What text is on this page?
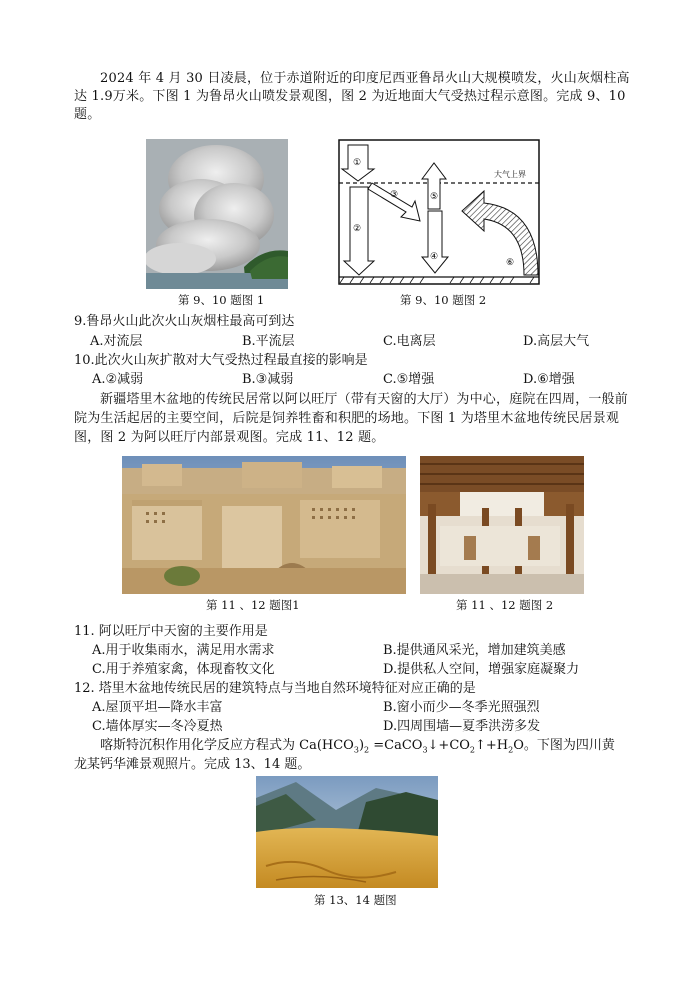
2024 年 4 月 30 日凌晨，位于赤道附近的印度尼西亚鲁昂火山大规模喷发，火山灰烟柱高达 1.9万米。下图 1 为鲁昂火山喷发景观图，图 2 为近地面大气受热过程示意图。完成 9、10 题。
第 9、10 题图 1
大气上界
①
②
③	⑤
④
⑥
第 9、10 题图 2
9.鲁昂火山此次火山灰烟柱最高可到达
A.对流层	B.平流层	C.电离层	D.高层大气
10.此次火山灰扩散对大气受热过程最直接的影响是
A.②减弱	B.③减弱	C.⑤增强	D.⑥增强
新疆塔里木盆地的传统民居常以阿以旺厅（带有天窗的大厅）为中心，庭院在四周，一般前院为生活起居的主要空间，后院是饲养牲畜和积肥的场地。下图 1 为塔里木盆地传统民居景观图，图 2 为阿以旺厅内部景观图。完成 11、12 题。
第 11 、12 题图1	第 11 、12 题图 2
11. 阿以旺厅中天窗的主要作用是
A.用于收集雨水，满足用水需求	B.提供通风采光，增加建筑美感
C.用于养殖家禽，体现畜牧文化	D.提供私人空间，增强家庭凝聚力
12. 塔里木盆地传统民居的建筑特点与当地自然环境特征对应正确的是
A.屋顶平坦—降水丰富	B.窗小而少—冬季光照强烈
C.墙体厚实—冬冷夏热	D.四周围墙—夏季洪涝多发
喀斯特沉积作用化学反应方程式为 $Ca(HCO_3)_2$ $=CaCO_3↓+CO_2↑+H_2O$。下图为四川黄
龙某钙华滩景观照片。完成 13、14 题。
第 13、14 题图
